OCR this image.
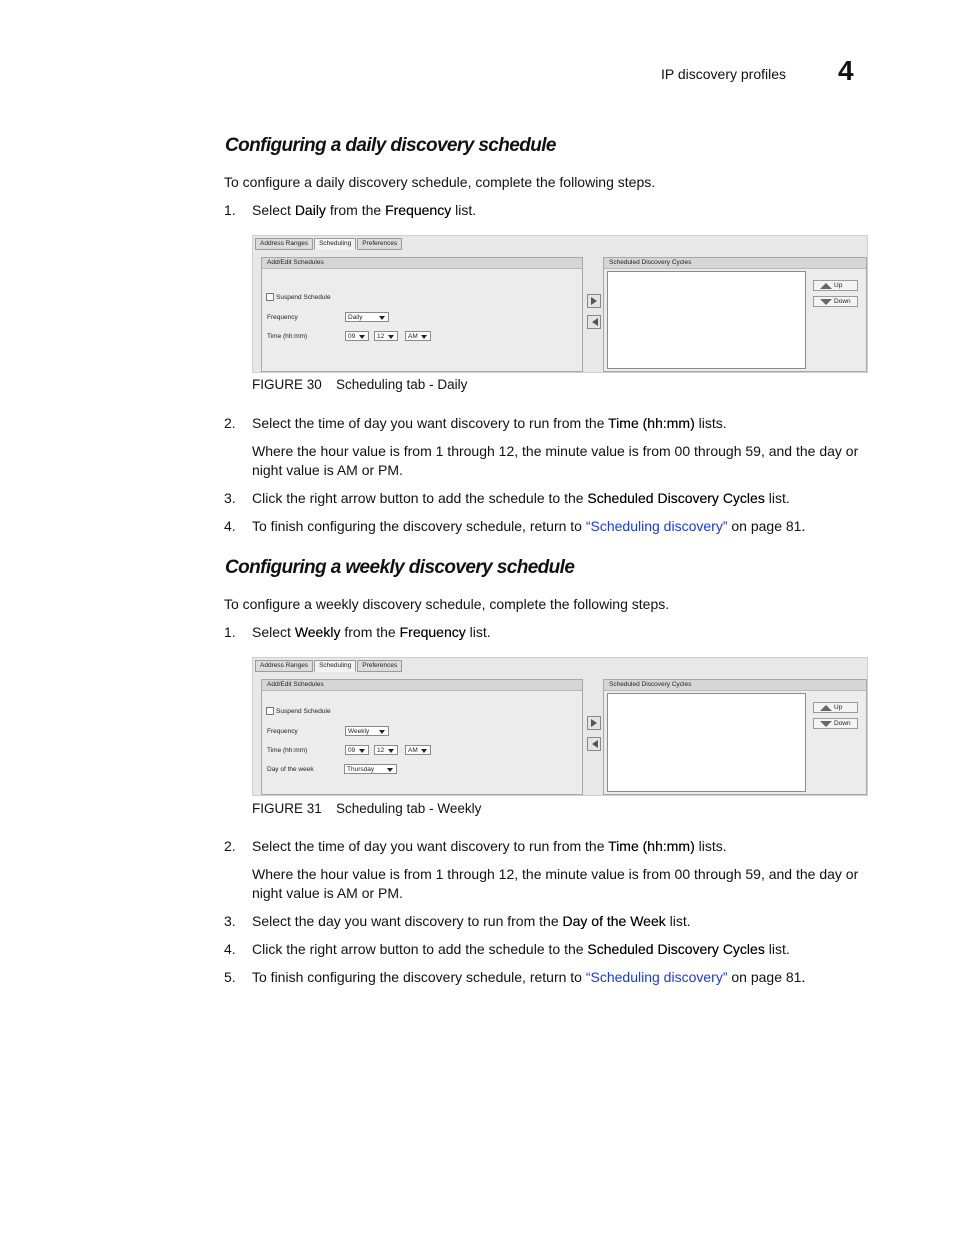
IP discovery profiles 4
Configuring a daily discovery schedule
To configure a daily discovery schedule, complete the following steps.
1. Select Daily from the Frequency list.
Address Ranges	Scheduling	Preferences
Add/Edit Schedules
Suspend Schedule
Frequency	Daily
Time (hh:mm)	09	12	AM
Scheduled Discovery Cycles
Up
Down
FIGURE 30 Scheduling tab - Daily
2. Select the time of day you want discovery to run from the Time (hh:mm) lists.
Where the hour value is from 1 through 12, the minute value is from 00 through 59, and the day or night value is AM or PM.
3. Click the right arrow button to add the schedule to the Scheduled Discovery Cycles list.
4. To finish configuring the discovery schedule, return to “Scheduling discovery” on page 81.
Configuring a weekly discovery schedule
To configure a weekly discovery schedule, complete the following steps.
1. Select Weekly from the Frequency list.
Address Ranges	Scheduling	Preferences
Add/Edit Schedules
Suspend Schedule
Frequency	Weekly
Time (hh:mm)	09	12	AM
Day of the week	Thursday
Scheduled Discovery Cycles
Up
Down
FIGURE 31 Scheduling tab - Weekly
2. Select the time of day you want discovery to run from the Time (hh:mm) lists.
Where the hour value is from 1 through 12, the minute value is from 00 through 59, and the day or night value is AM or PM.
3. Select the day you want discovery to run from the Day of the Week list.
4. Click the right arrow button to add the schedule to the Scheduled Discovery Cycles list.
5. To finish configuring the discovery schedule, return to “Scheduling discovery” on page 81.
